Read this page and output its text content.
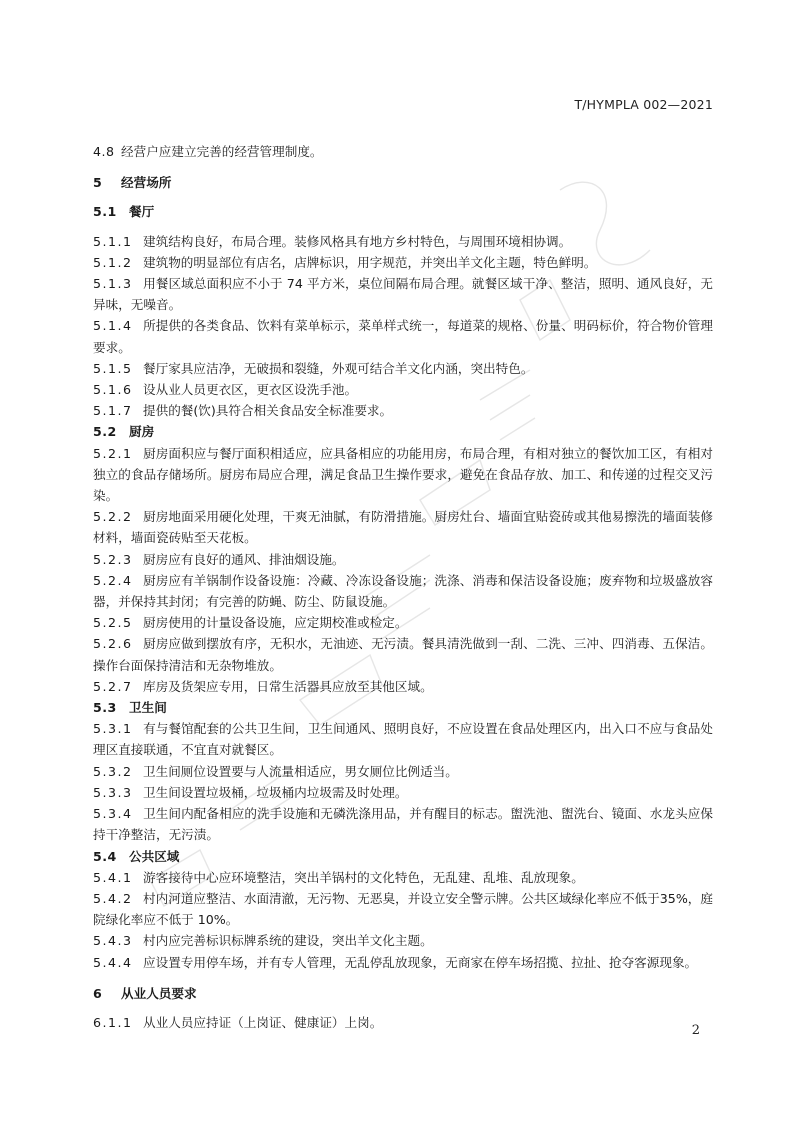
T/HYMPLA 002—2021
4.8 经营户应建立完善的经营管理制度。
5 经营场所
5.1 餐厅
5.1.1 建筑结构良好，布局合理。装修风格具有地方乡村特色，与周围环境相协调。
5.1.2 建筑物的明显部位有店名，店牌标识，用字规范，并突出羊文化主题，特色鲜明。
5.1.3 用餐区域总面积应不小于 74 平方米，桌位间隔布局合理。就餐区域干净、整洁，照明、通风良好，无异味，无噪音。
5.1.4 所提供的各类食品、饮料有菜单标示，菜单样式统一，每道菜的规格、份量、明码标价，符合物价管理要求。
5.1.5 餐厅家具应洁净，无破损和裂缝，外观可结合羊文化内涵，突出特色。
5.1.6 设从业人员更衣区，更衣区设洗手池。
5.1.7 提供的餐(饮)具符合相关食品安全标准要求。
5.2 厨房
5.2.1 厨房面积应与餐厅面积相适应，应具备相应的功能用房，布局合理，有相对独立的餐饮加工区，有相对独立的食品存储场所。厨房布局应合理，满足食品卫生操作要求，避免在食品存放、加工、和传递的过程交叉污染。
5.2.2 厨房地面采用硬化处理，干爽无油腻，有防滑措施。厨房灶台、墙面宜贴瓷砖或其他易擦洗的墙面装修材料，墙面瓷砖贴至天花板。
5.2.3 厨房应有良好的通风、排油烟设施。
5.2.4 厨房应有羊锅制作设备设施：冷藏、冷冻设备设施；洗涤、消毒和保洁设备设施；废弃物和垃圾盛放容器，并保持其封闭；有完善的防蝇、防尘、防鼠设施。
5.2.5 厨房使用的计量设备设施，应定期校准或检定。
5.2.6 厨房应做到摆放有序，无积水，无油迹、无污渍。餐具清洗做到一刮、二洗、三冲、四消毒、五保洁。操作台面保持清洁和无杂物堆放。
5.2.7 库房及货架应专用，日常生活器具应放至其他区域。
5.3 卫生间
5.3.1 有与餐馆配套的公共卫生间，卫生间通风、照明良好，不应设置在食品处理区内，出入口不应与食品处理区直接联通，不宜直对就餐区。
5.3.2 卫生间厕位设置要与人流量相适应，男女厕位比例适当。
5.3.3 卫生间设置垃圾桶，垃圾桶内垃圾需及时处理。
5.3.4 卫生间内配备相应的洗手设施和无磷洗涤用品，并有醒目的标志。盥洗池、盥洗台、镜面、水龙头应保持干净整洁，无污渍。
5.4 公共区域
5.4.1 游客接待中心应环境整洁，突出羊锅村的文化特色，无乱建、乱堆、乱放现象。
5.4.2 村内河道应整洁、水面清澈，无污物、无恶臭，并设立安全警示牌。公共区域绿化率应不低于35%，庭院绿化率应不低于 10%。
5.4.3 村内应完善标识标牌系统的建设，突出羊文化主题。
5.4.4 应设置专用停车场，并有专人管理，无乱停乱放现象，无商家在停车场招揽、拉扯、抢夺客源现象。
6 从业人员要求
6.1.1 从业人员应持证（上岗证、健康证）上岗。
2
